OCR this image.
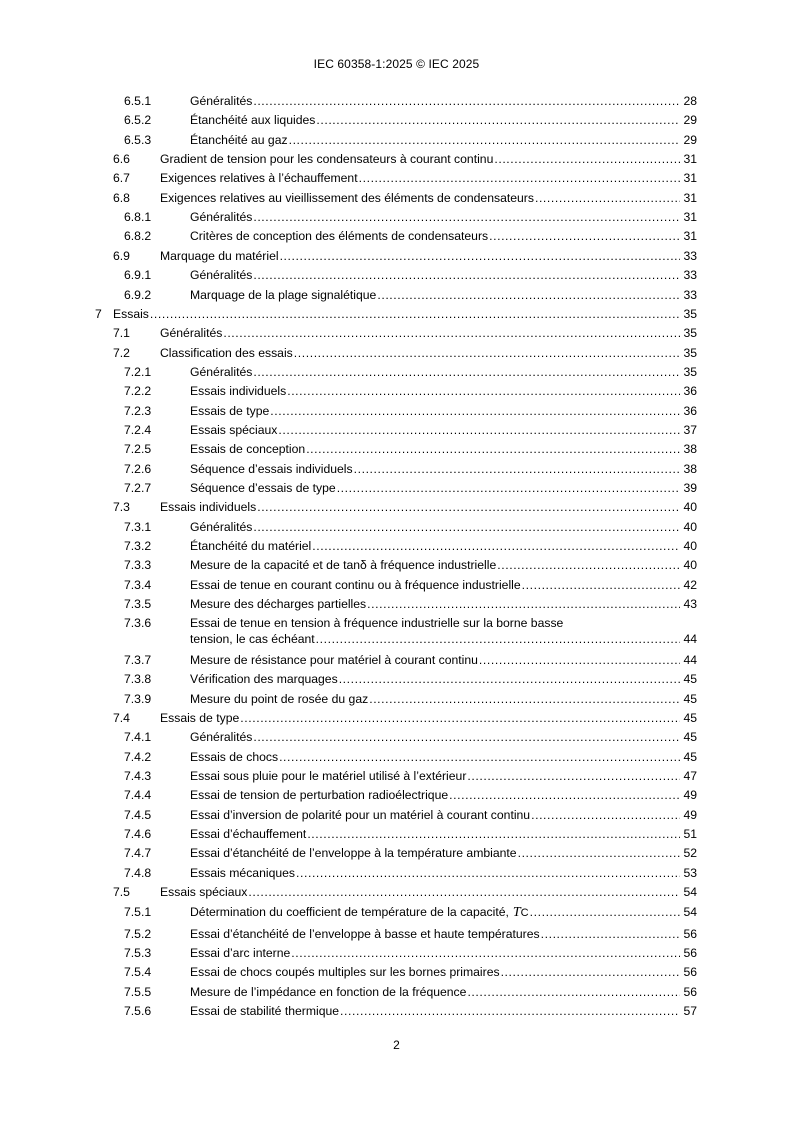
IEC 60358-1:2025 © IEC 2025
6.5.1	Généralités .....	28
6.5.2	Étanchéité aux liquides .....	29
6.5.3	Étanchéité au gaz .....	29
6.6 Gradient de tension pour les condensateurs à courant continu .....	31
6.7 Exigences relatives à l’échauffement .....	31
6.8 Exigences relatives au vieillissement des éléments de condensateurs .....	31
6.8.1	Généralités .....	31
6.8.2	Critères de conception des éléments de condensateurs .....	31
6.9 Marquage du matériel .....	33
6.9.1	Généralités .....	33
6.9.2	Marquage de la plage signalétique .....	33
7 Essais .....	35
7.1 Généralités .....	35
7.2 Classification des essais .....	35
7.2.1	Généralités .....	35
7.2.2	Essais individuels .....	36
7.2.3	Essais de type .....	36
7.2.4	Essais spéciaux .....	37
7.2.5	Essais de conception .....	38
7.2.6	Séquence d’essais individuels .....	38
7.2.7	Séquence d’essais de type .....	39
7.3 Essais individuels .....	40
7.3.1	Généralités .....	40
7.3.2	Étanchéité du matériel .....	40
7.3.3	Mesure de la capacité et de tanδ à fréquence industrielle .....	40
7.3.4	Essai de tenue en courant continu ou à fréquence industrielle .....	42
7.3.5	Mesure des décharges partielles .....	43
7.3.6	Essai de tenue en tension à fréquence industrielle sur la borne basse
tension, le cas échéant .....	44
7.3.7	Mesure de résistance pour matériel à courant continu .....	44
7.3.8	Vérification des marquages .....	45
7.3.9	Mesure du point de rosée du gaz .....	45
7.4 Essais de type .....	45
7.4.1	Généralités .....	45
7.4.2	Essais de chocs .....	45
7.4.3	Essai sous pluie pour le matériel utilisé à l’extérieur .....	47
7.4.4	Essai de tension de perturbation radioélectrique .....	49
7.4.5	Essai d’inversion de polarité pour un matériel à courant continu .....	49
7.4.6	Essai d’échauffement .....	51
7.4.7	Essai d’étanchéité de l’enveloppe à la température ambiante .....	52
7.4.8	Essais mécaniques .....	53
7.5 Essais spéciaux .....	54
7.5.1	Détermination du coefficient de température de la capacité, T C .....	54
7.5.2	Essai d’étanchéité de l’enveloppe à basse et haute températures .....	56
7.5.3	Essai d’arc interne .....	56
7.5.4	Essai de chocs coupés multiples sur les bornes primaires .....	56
7.5.5	Mesure de l’impédance en fonction de la fréquence .....	56
7.5.6	Essai de stabilité thermique .....	57
2
